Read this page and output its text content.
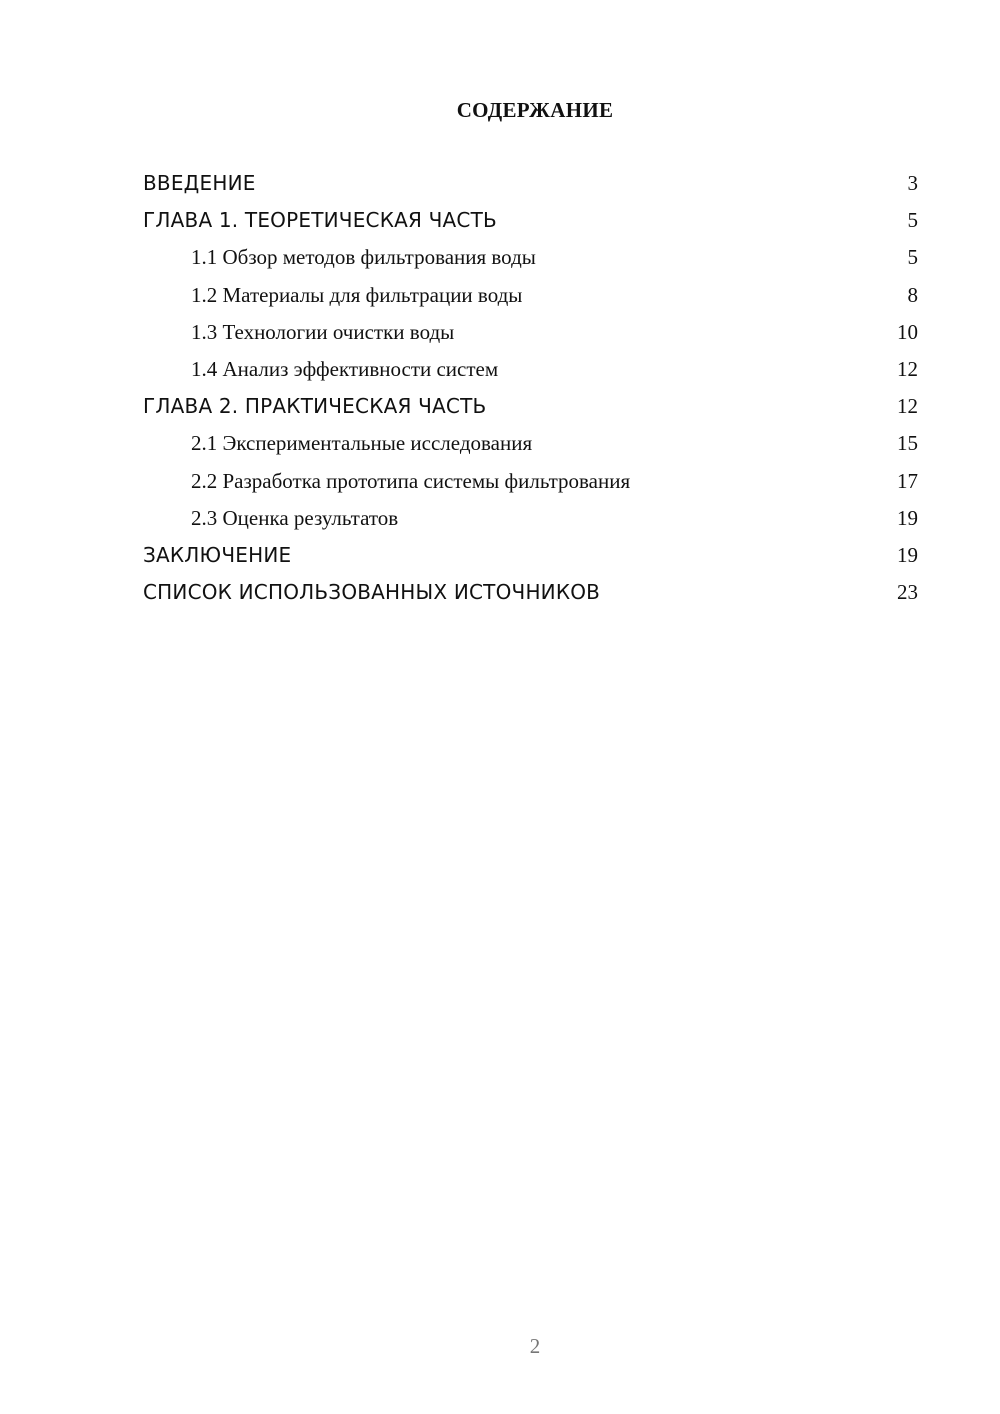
СОДЕРЖАНИЕ
ВВЕДЕНИЕ	3
ГЛАВА 1. ТЕОРЕТИЧЕСКАЯ ЧАСТЬ	5
1.1 Обзор методов фильтрования воды	5
1.2 Материалы для фильтрации воды	8
1.3 Технологии очистки воды	10
1.4 Анализ эффективности систем	12
ГЛАВА 2. ПРАКТИЧЕСКАЯ ЧАСТЬ	12
2.1 Экспериментальные исследования	15
2.2 Разработка прототипа системы фильтрования	17
2.3 Оценка результатов	19
ЗАКЛЮЧЕНИЕ	19
СПИСОК ИСПОЛЬЗОВАННЫХ ИСТОЧНИКОВ	23
2
